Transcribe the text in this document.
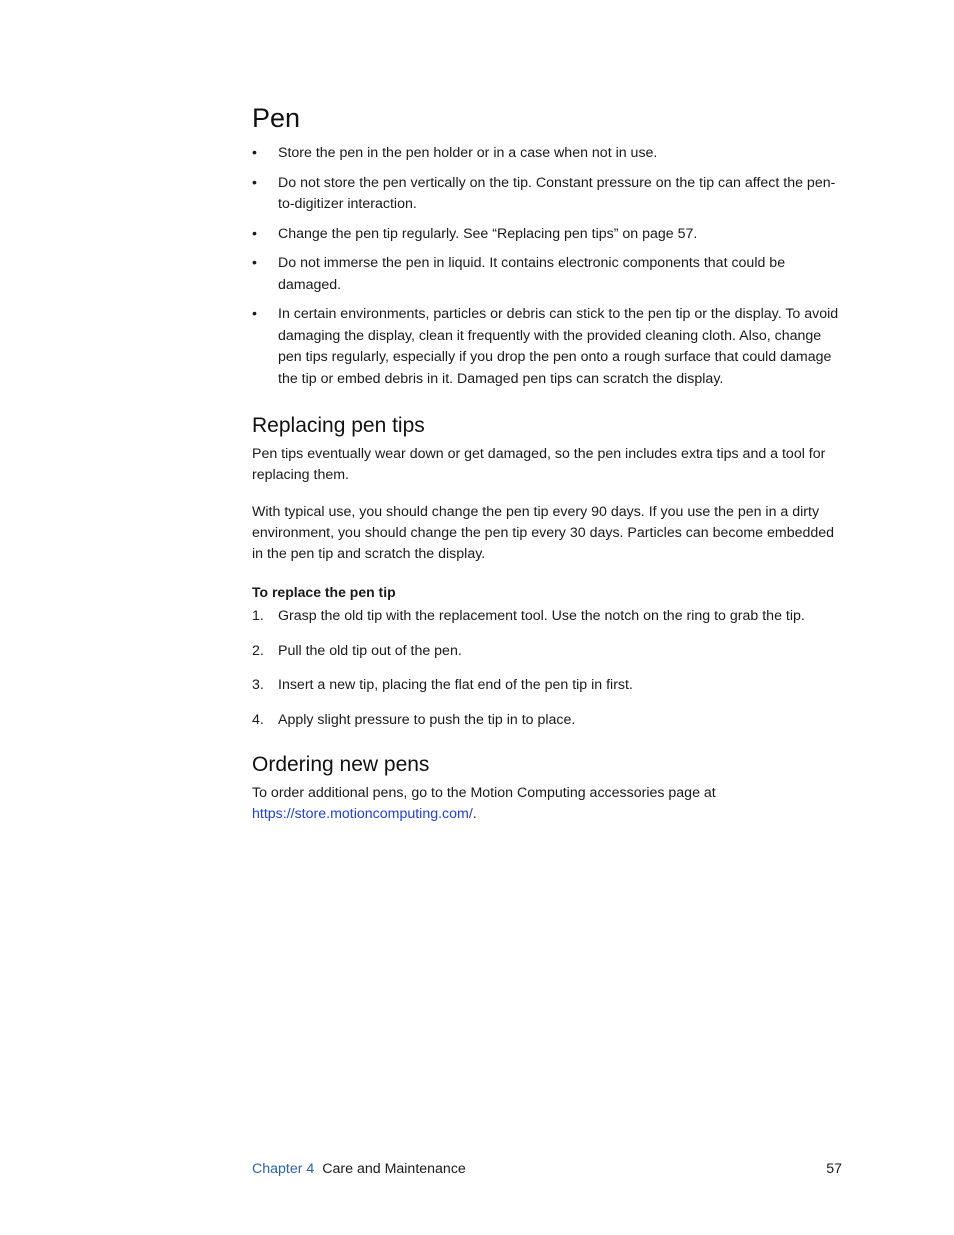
Pen
• Store the pen in the pen holder or in a case when not in use.
• Do not store the pen vertically on the tip. Constant pressure on the tip can affect the pen-to-digitizer interaction.
• Change the pen tip regularly. See “Replacing pen tips” on page 57.
• Do not immerse the pen in liquid. It contains electronic components that could be damaged.
• In certain environments, particles or debris can stick to the pen tip or the display. To avoid damaging the display, clean it frequently with the provided cleaning cloth. Also, change pen tips regularly, especially if you drop the pen onto a rough surface that could damage the tip or embed debris in it. Damaged pen tips can scratch the display.
Replacing pen tips

Pen tips eventually wear down or get damaged, so the pen includes extra tips and a tool for replacing them.

With typical use, you should change the pen tip every 90 days. If you use the pen in a dirty environment, you should change the pen tip every 30 days. Particles can become embedded in the pen tip and scratch the display.

To replace the pen tip
1. Grasp the old tip with the replacement tool. Use the notch on the ring to grab the tip.
2. Pull the old tip out of the pen.
3. Insert a new tip, placing the flat end of the pen tip in first.
4. Apply slight pressure to push the tip in to place.
Ordering new pens

To order additional pens, go to the Motion Computing accessories page at https://store.motioncomputing.com/.

Chapter 4 Care and Maintenance	57
